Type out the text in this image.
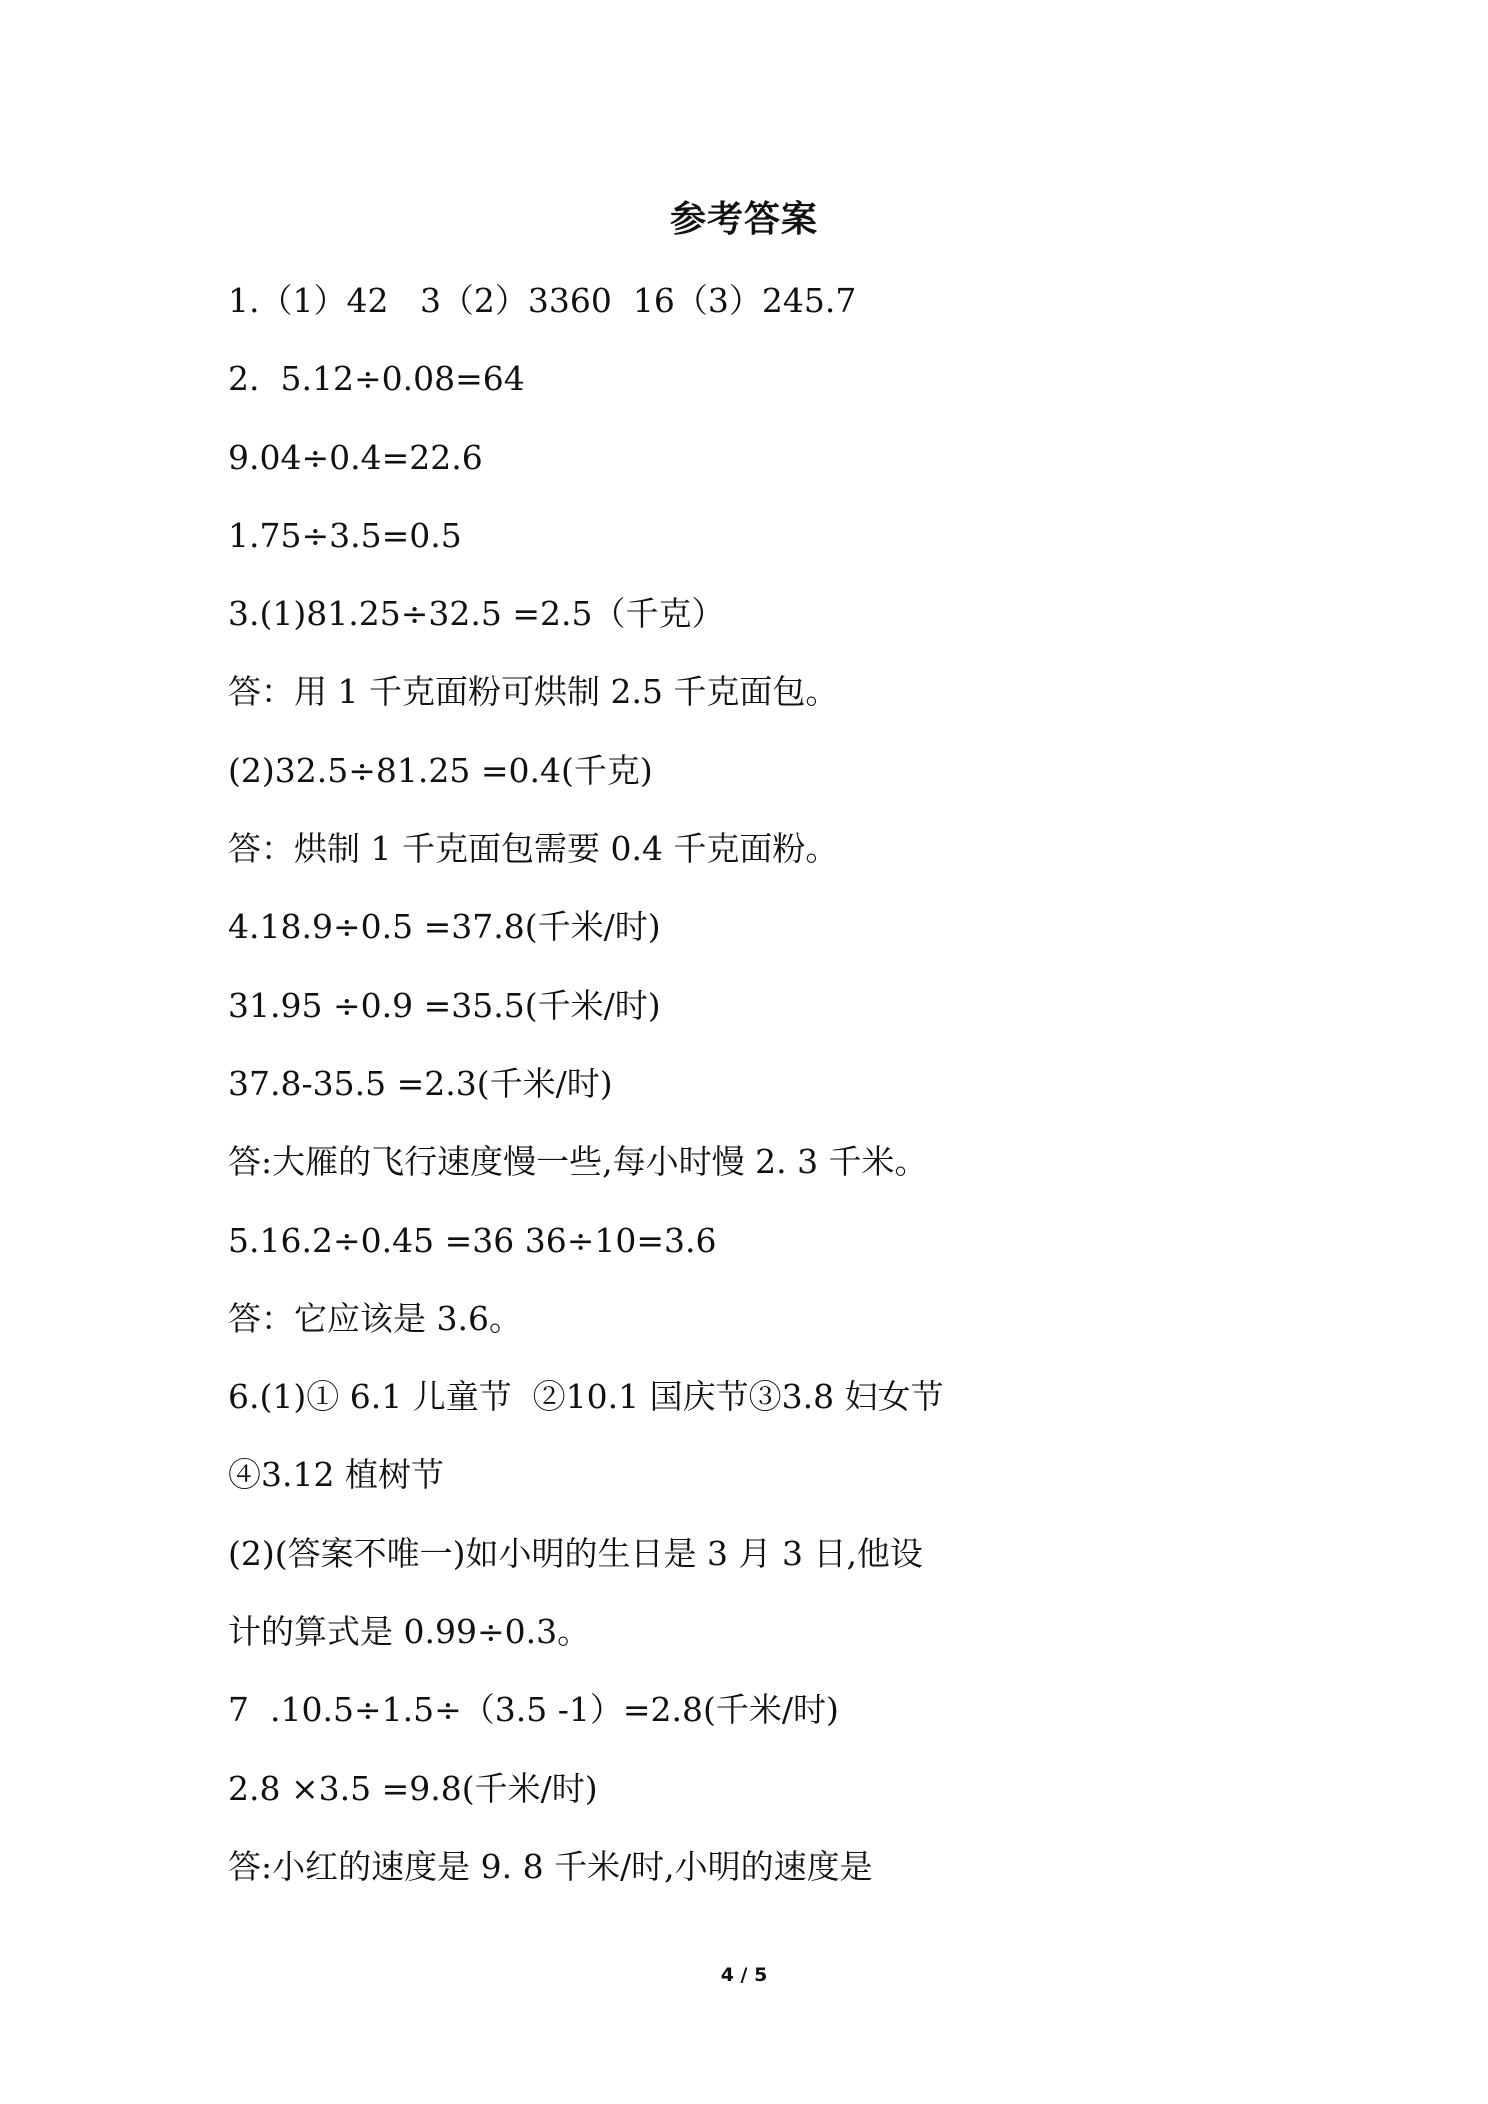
参考答案
1.（1）42   3（2）3360  16（3）245.7
2.  5.12÷0.08=64
9.04÷0.4=22.6
1.75÷3.5=0.5
3.(1)81.25÷32.5 =2.5（千克）
答：用 1 千克面粉可烘制 2.5 千克面包。
(2)32.5÷81.25 =0.4(千克)
答：烘制 1 千克面包需要 0.4 千克面粉。
4.18.9÷0.5 =37.8(千米/时)
31.95 ÷0.9 =35.5(千米/时)
37.8-35.5 =2.3(千米/时)
答:大雁的飞行速度慢一些,每小时慢 2. 3 千米。
5.16.2÷0.45 =36 36÷10=3.6
答：它应该是 3.6。
6.(1)① 6.1 儿童节  ②10.1 国庆节③3.8 妇女节
④3.12 植树节
(2)(答案不唯一)如小明的生日是 3 月 3 日,他设
计的算式是 0.99÷0.3。
7  .10.5÷1.5÷（3.5 -1）=2.8(千米/时)
2.8 ×3.5 =9.8(千米/时)
答:小红的速度是 9. 8 千米/时,小明的速度是
4 / 5
